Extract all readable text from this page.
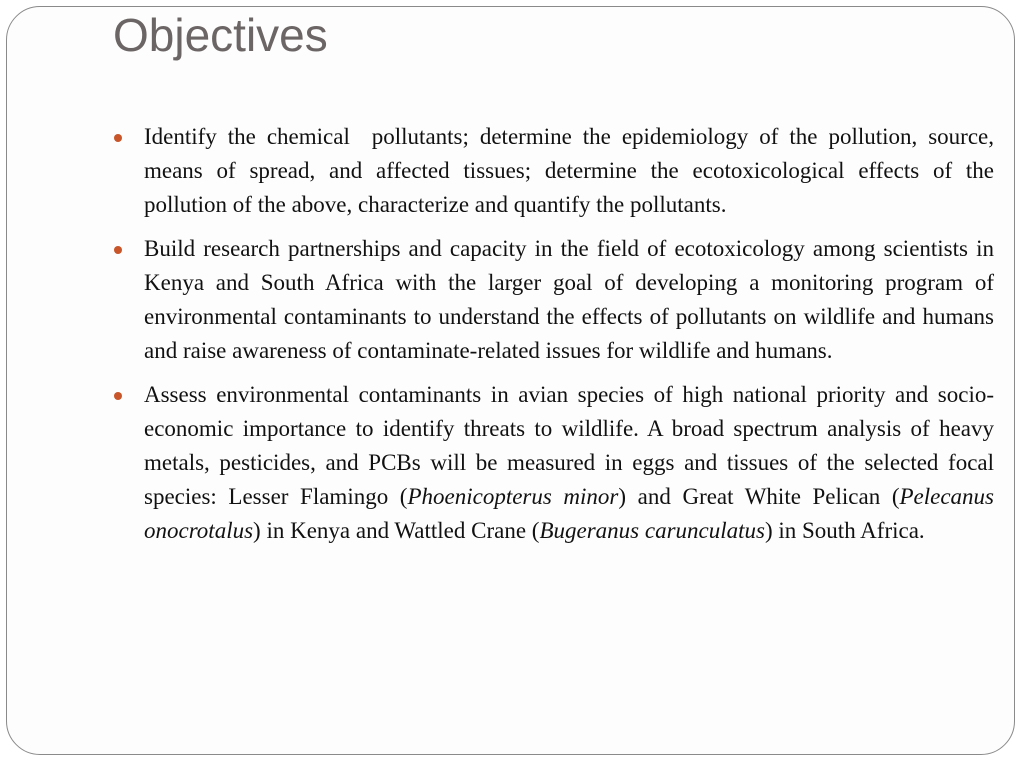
Objectives
Identify the chemical pollutants; determine the epidemiology of the pollution, source, means of spread, and affected tissues; determine the ecotoxicological effects of the pollution of the above, characterize and quantify the pollutants.
Build research partnerships and capacity in the field of ecotoxicology among scientists in Kenya and South Africa with the larger goal of developing a monitoring program of environmental contaminants to understand the effects of pollutants on wildlife and humans and raise awareness of contaminate-related issues for wildlife and humans.
Assess environmental contaminants in avian species of high national priority and socio-economic importance to identify threats to wildlife. A broad spectrum analysis of heavy metals, pesticides, and PCBs will be measured in eggs and tissues of the selected focal species: Lesser Flamingo (Phoenicopterus minor) and Great White Pelican (Pelecanus onocrotalus) in Kenya and Wattled Crane (Bugeranus carunculatus) in South Africa.
